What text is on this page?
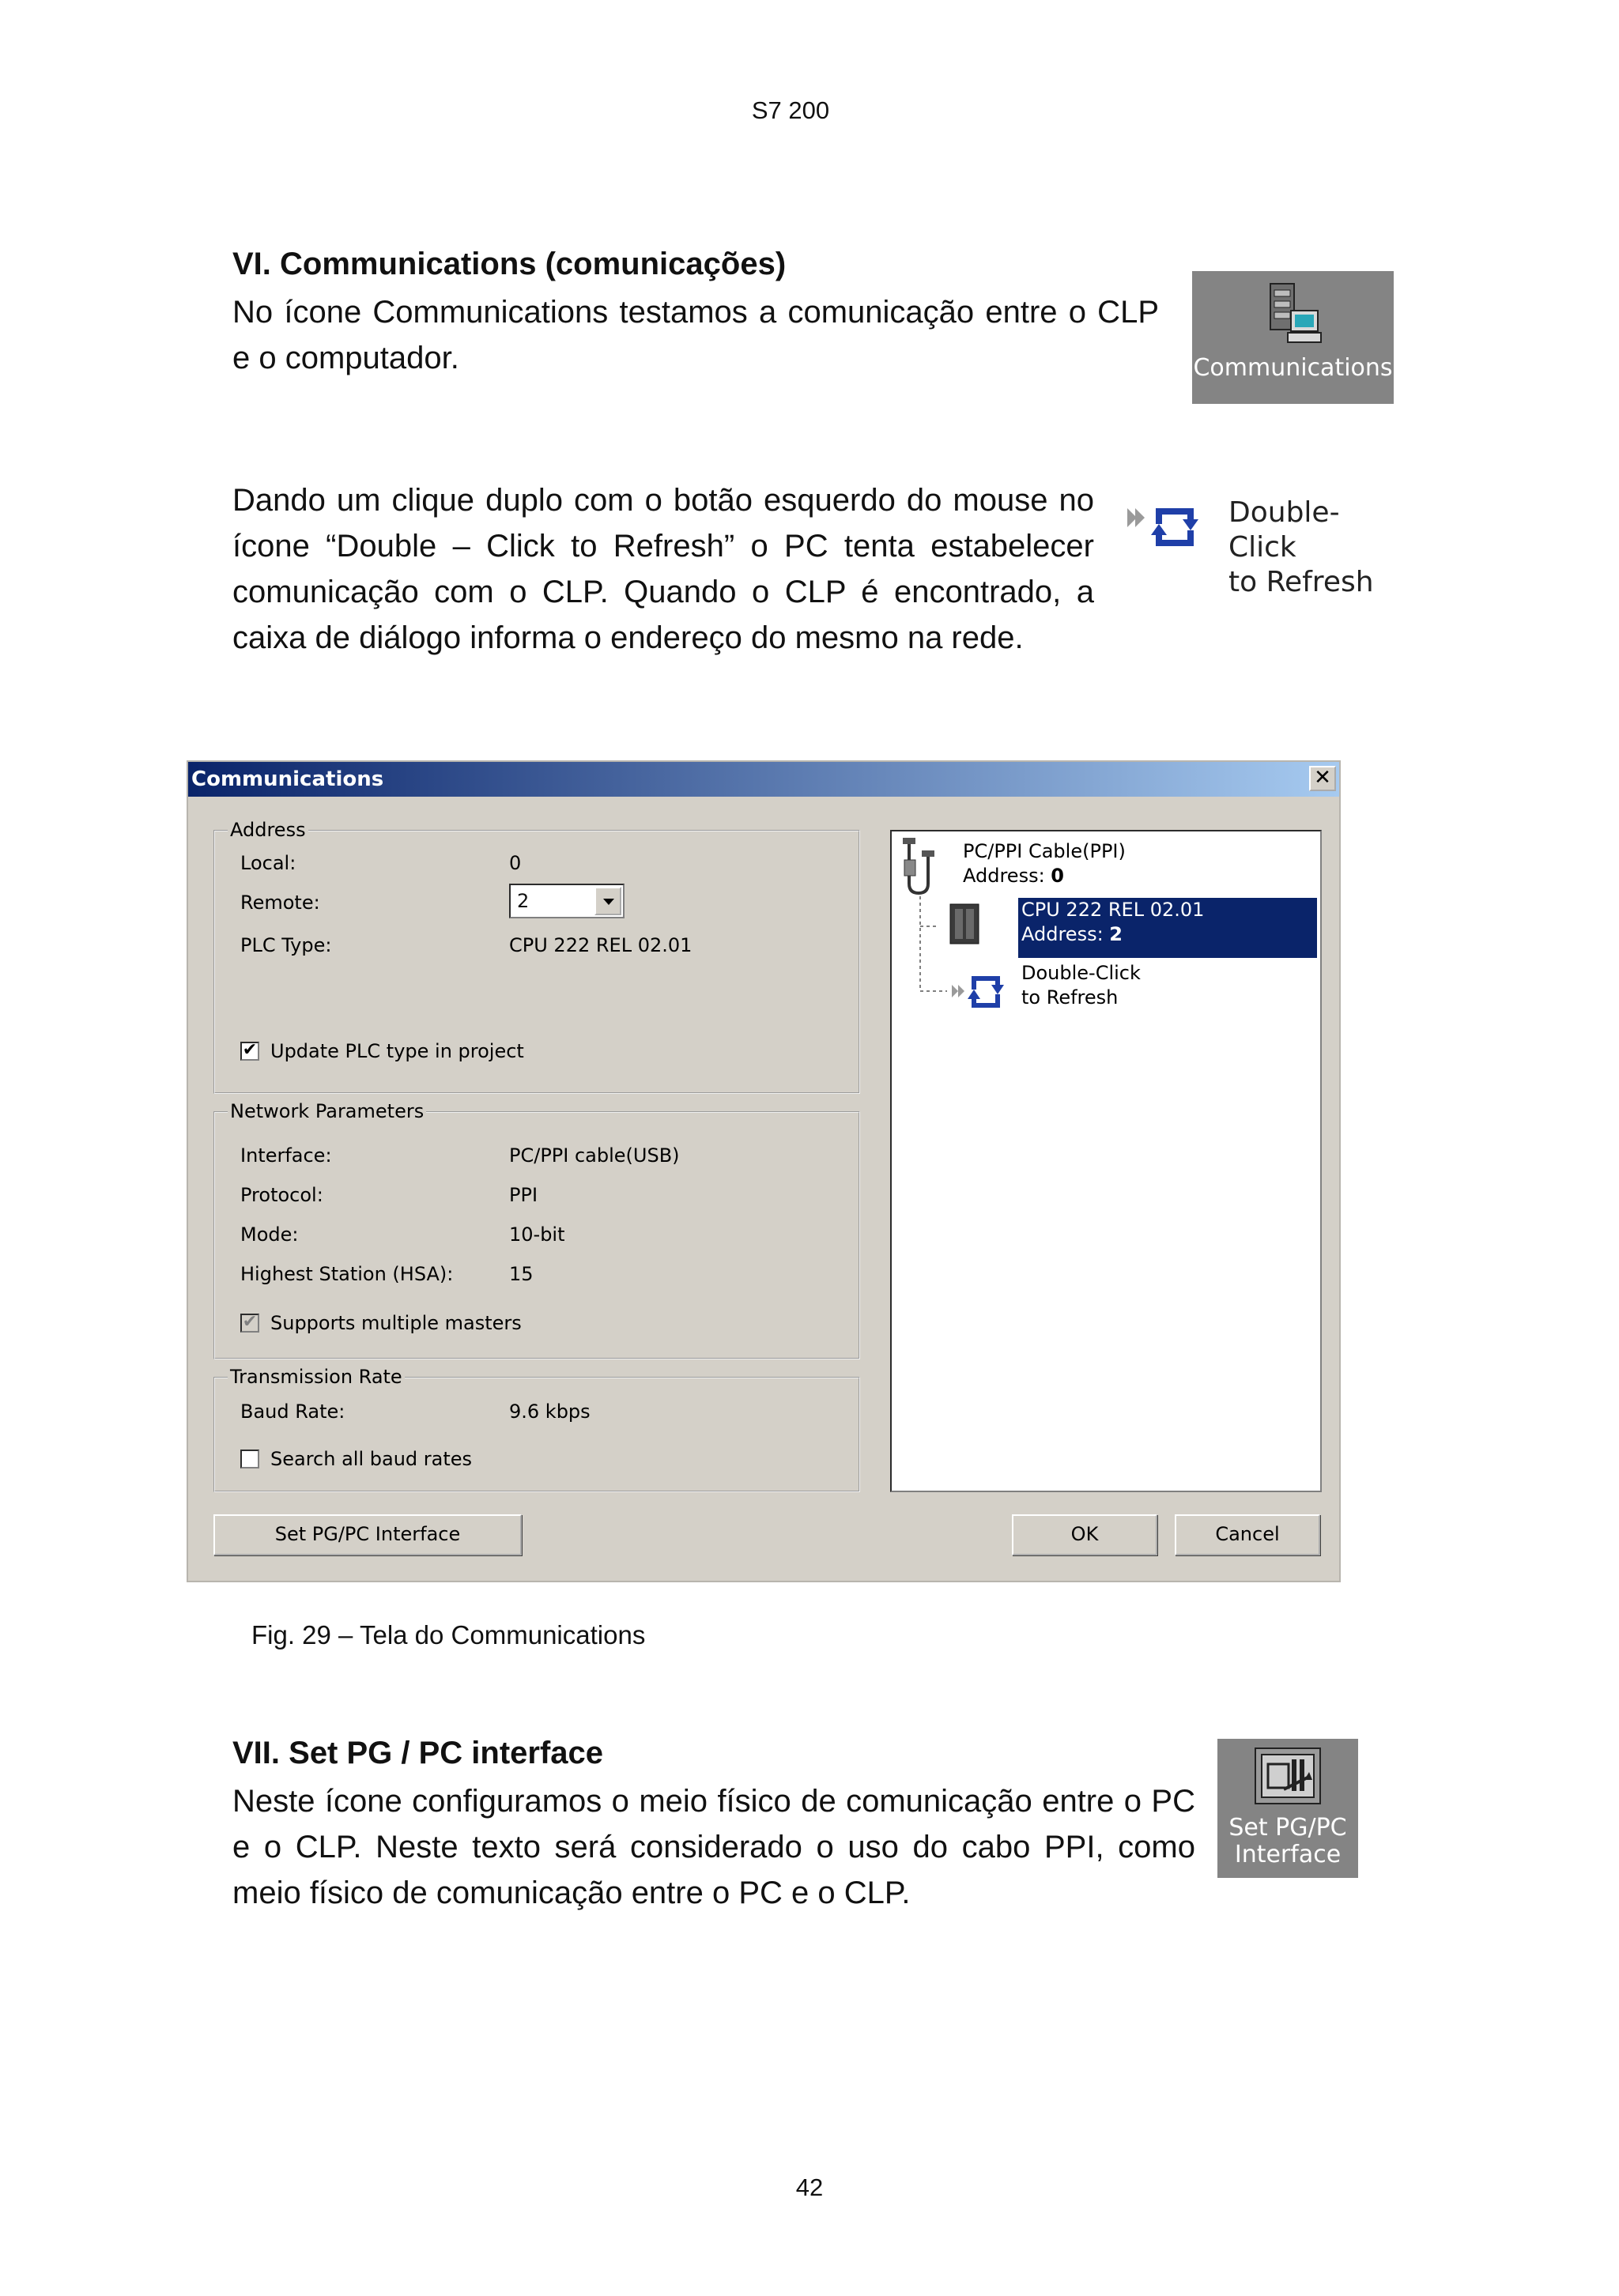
S7 200
VI. Communications (comunicações)
No ícone Communications testamos a comunicação entre o CLP e o computador.	Communications
Dando um clique duplo com o botão esquerdo do mouse no ícone “Double – Click to Refresh” o PC tenta estabelecer comunicação com o CLP. Quando o CLP é encontrado, a caixa de diálogo informa o endereço do mesmo na rede.
Double-Click
to Refresh
Communications	✕
Address
Local:	0
Remote:	2
PLC Type:	CPU 222 REL 02.01
✔ Update PLC type in project
Network Parameters
Interface:	PC/PPI cable(USB)
Protocol:	PPI
Mode:	10-bit
Highest Station (HSA):	15
✔ Supports multiple masters
Transmission Rate
Baud Rate:	9.6 kbps
Search all baud rates
PC/PPI Cable(PPI)
Address: 0
CPU 222 REL 02.01
Address: 2
Double-Click
to Refresh
Set PG/PC Interface	OK	Cancel
Fig. 29 – Tela do Communications
VII. Set PG / PC interface
Neste ícone configuramos o meio físico de comunicação entre o PC e o CLP. Neste texto será considerado o uso do cabo PPI, como meio físico de comunicação entre o PC e o CLP.
Set PG/PC
Interface
42
